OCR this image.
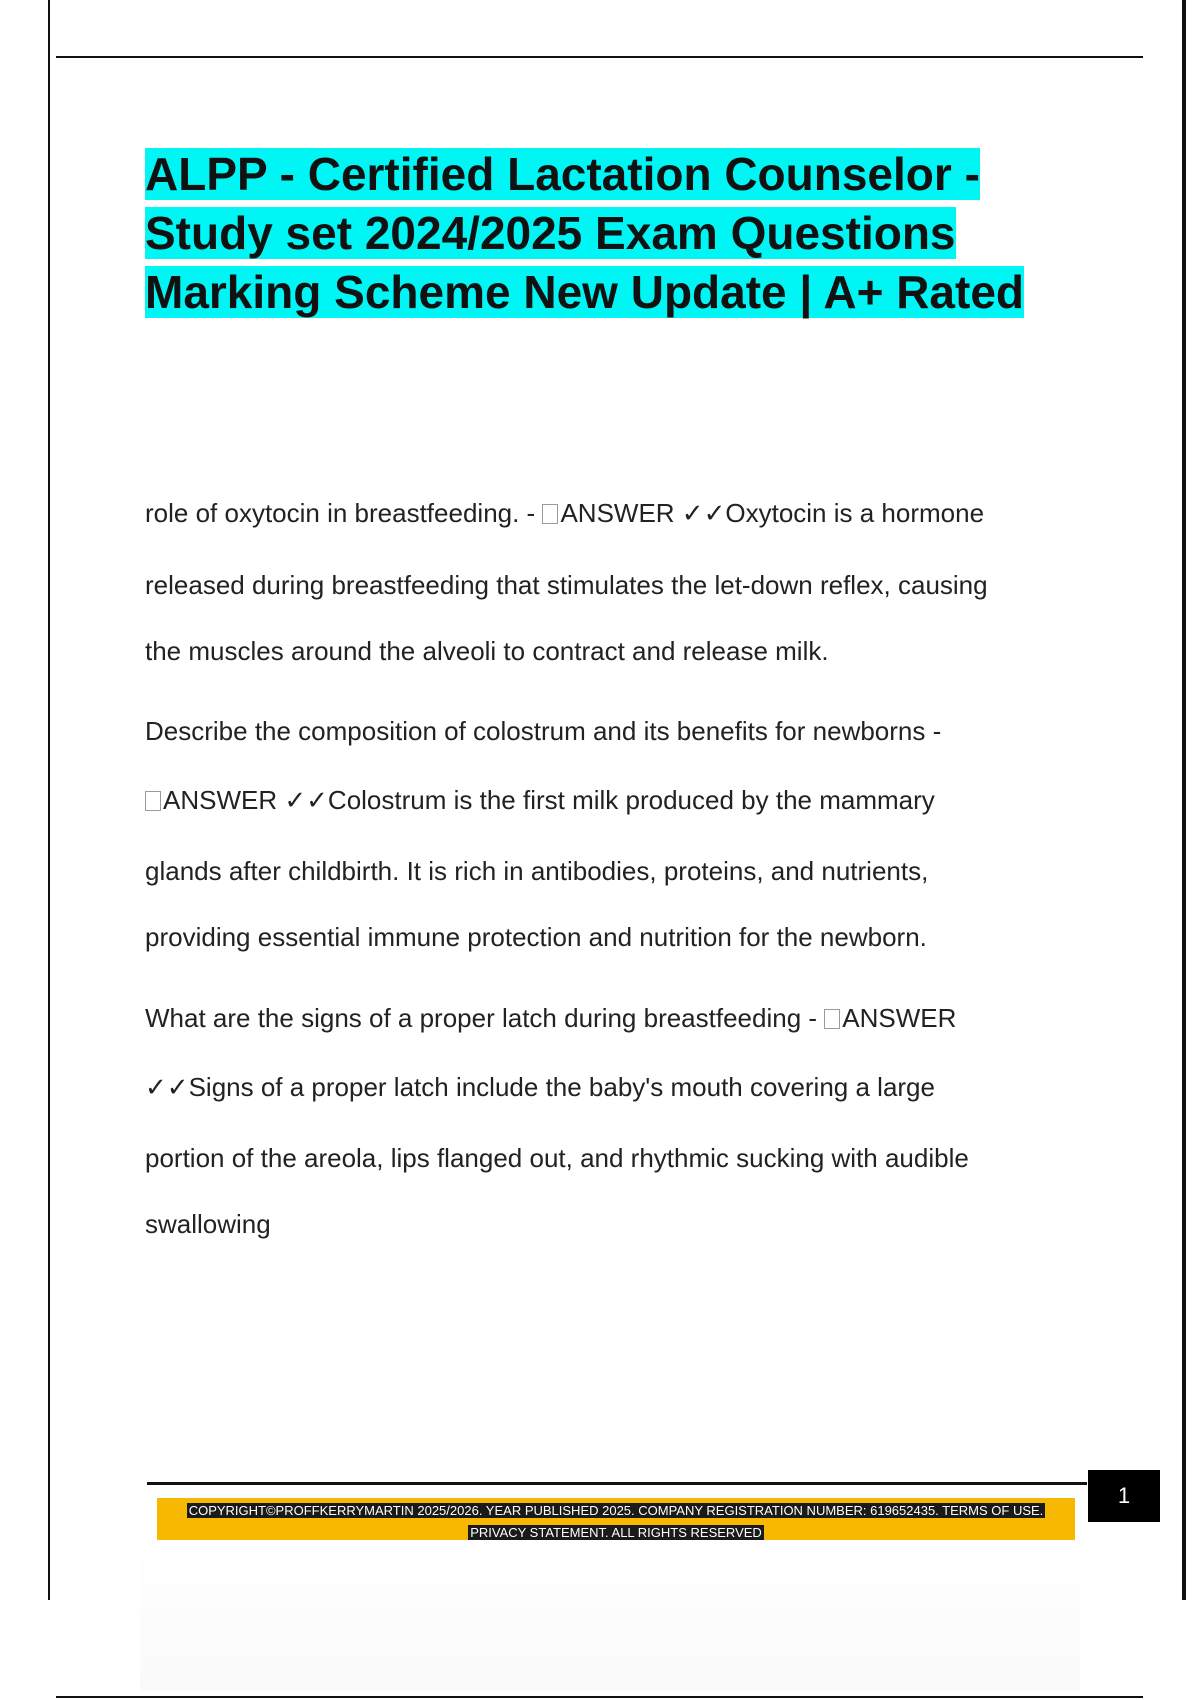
ALPP - Certified Lactation Counselor -
Study set 2024/2025 Exam Questions
Marking Scheme New Update | A+ Rated
role of oxytocin in breastfeeding. - ANSWER ✓✓Oxytocin is a hormone
released during breastfeeding that stimulates the let-down reflex, causing
the muscles around the alveoli to contract and release milk.
Describe the composition of colostrum and its benefits for newborns -
ANSWER ✓✓Colostrum is the first milk produced by the mammary
glands after childbirth. It is rich in antibodies, proteins, and nutrients,
providing essential immune protection and nutrition for the newborn.
What are the signs of a proper latch during breastfeeding - ANSWER
✓✓Signs of a proper latch include the baby's mouth covering a large
portion of the areola, lips flanged out, and rhythmic sucking with audible
swallowing
COPYRIGHT©PROFFKERRYMARTIN 2025/2026. YEAR PUBLISHED 2025. COMPANY REGISTRATION NUMBER: 619652435. TERMS OF USE.
PRIVACY STATEMENT. ALL RIGHTS RESERVED
1
